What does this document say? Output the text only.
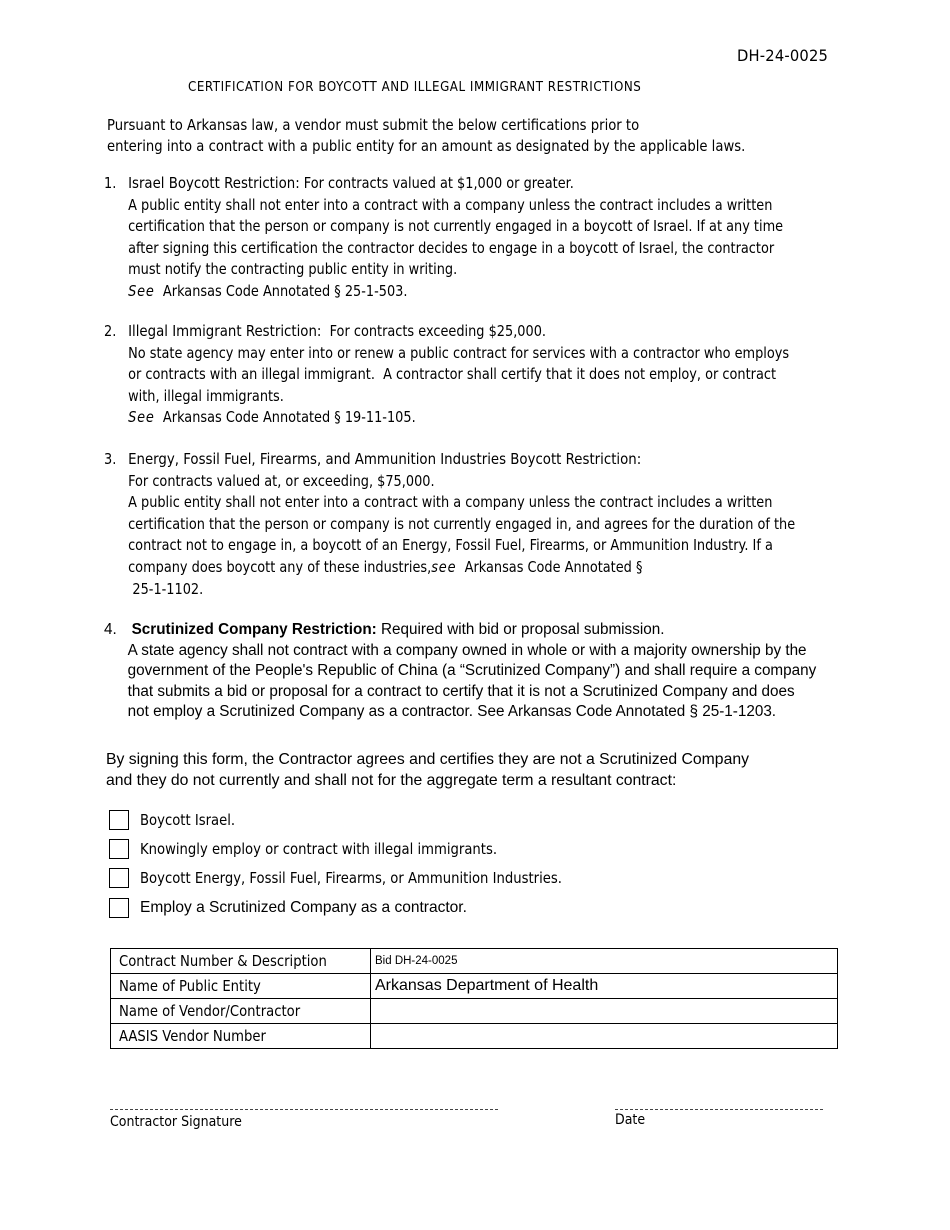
DH-24-0025
CERTIFICATION FOR BOYCOTT AND ILLEGAL IMMIGRANT RESTRICTIONS
Pursuant to Arkansas law, a vendor must submit the below certifications prior to
entering into a contract with a public entity for an amount as designated by the applicable laws.
1. Israel Boycott Restriction: For contracts valued at $1,000 or greater.
A public entity shall not enter into a contract with a company unless the contract includes a written
certification that the person or company is not currently engaged in a boycott of Israel. If at any time
after signing this certification the contractor decides to engage in a boycott of Israel, the contractor
must notify the contracting public entity in writing.
See Arkansas Code Annotated § 25-1-503.
2. Illegal Immigrant Restriction: For contracts exceeding $25,000.
No state agency may enter into or renew a public contract for services with a contractor who employs
or contracts with an illegal immigrant.  A contractor shall certify that it does not employ, or contract
with, illegal immigrants.
See Arkansas Code Annotated § 19-11-105.
3. Energy, Fossil Fuel, Firearms, and Ammunition Industries Boycott Restriction:
For contracts valued at, or exceeding, $75,000.
A public entity shall not enter into a contract with a company unless the contract includes a written
certification that the person or company is not currently engaged in, and agrees for the duration of the
contract not to engage in, a boycott of an Energy, Fossil Fuel, Firearms, or Ammunition Industry. If a
company does boycott any of these industries,see Arkansas Code Annotated §
25-1-1102.
4. Scrutinized Company Restriction: Required with bid or proposal submission.
A state agency shall not contract with a company owned in whole or with a majority ownership by the
government of the People's Republic of China (a “Scrutinized Company”) and shall require a company
that submits a bid or proposal for a contract to certify that it is not a Scrutinized Company and does
not employ a Scrutinized Company as a contractor. See Arkansas Code Annotated § 25-1-1203.
By signing this form, the Contractor agrees and certifies they are not a Scrutinized Company
and they do not currently and shall not for the aggregate term a resultant contract:
Boycott Israel.
Knowingly employ or contract with illegal immigrants.
Boycott Energy, Fossil Fuel, Firearms, or Ammunition Industries.
Employ a Scrutinized Company as a contractor.
Contract Number & Description	Bid DH-24-0025
Name of Public Entity	Arkansas Department of Health
Name of Vendor/Contractor	
AASIS Vendor Number	
Contractor Signature	Date
